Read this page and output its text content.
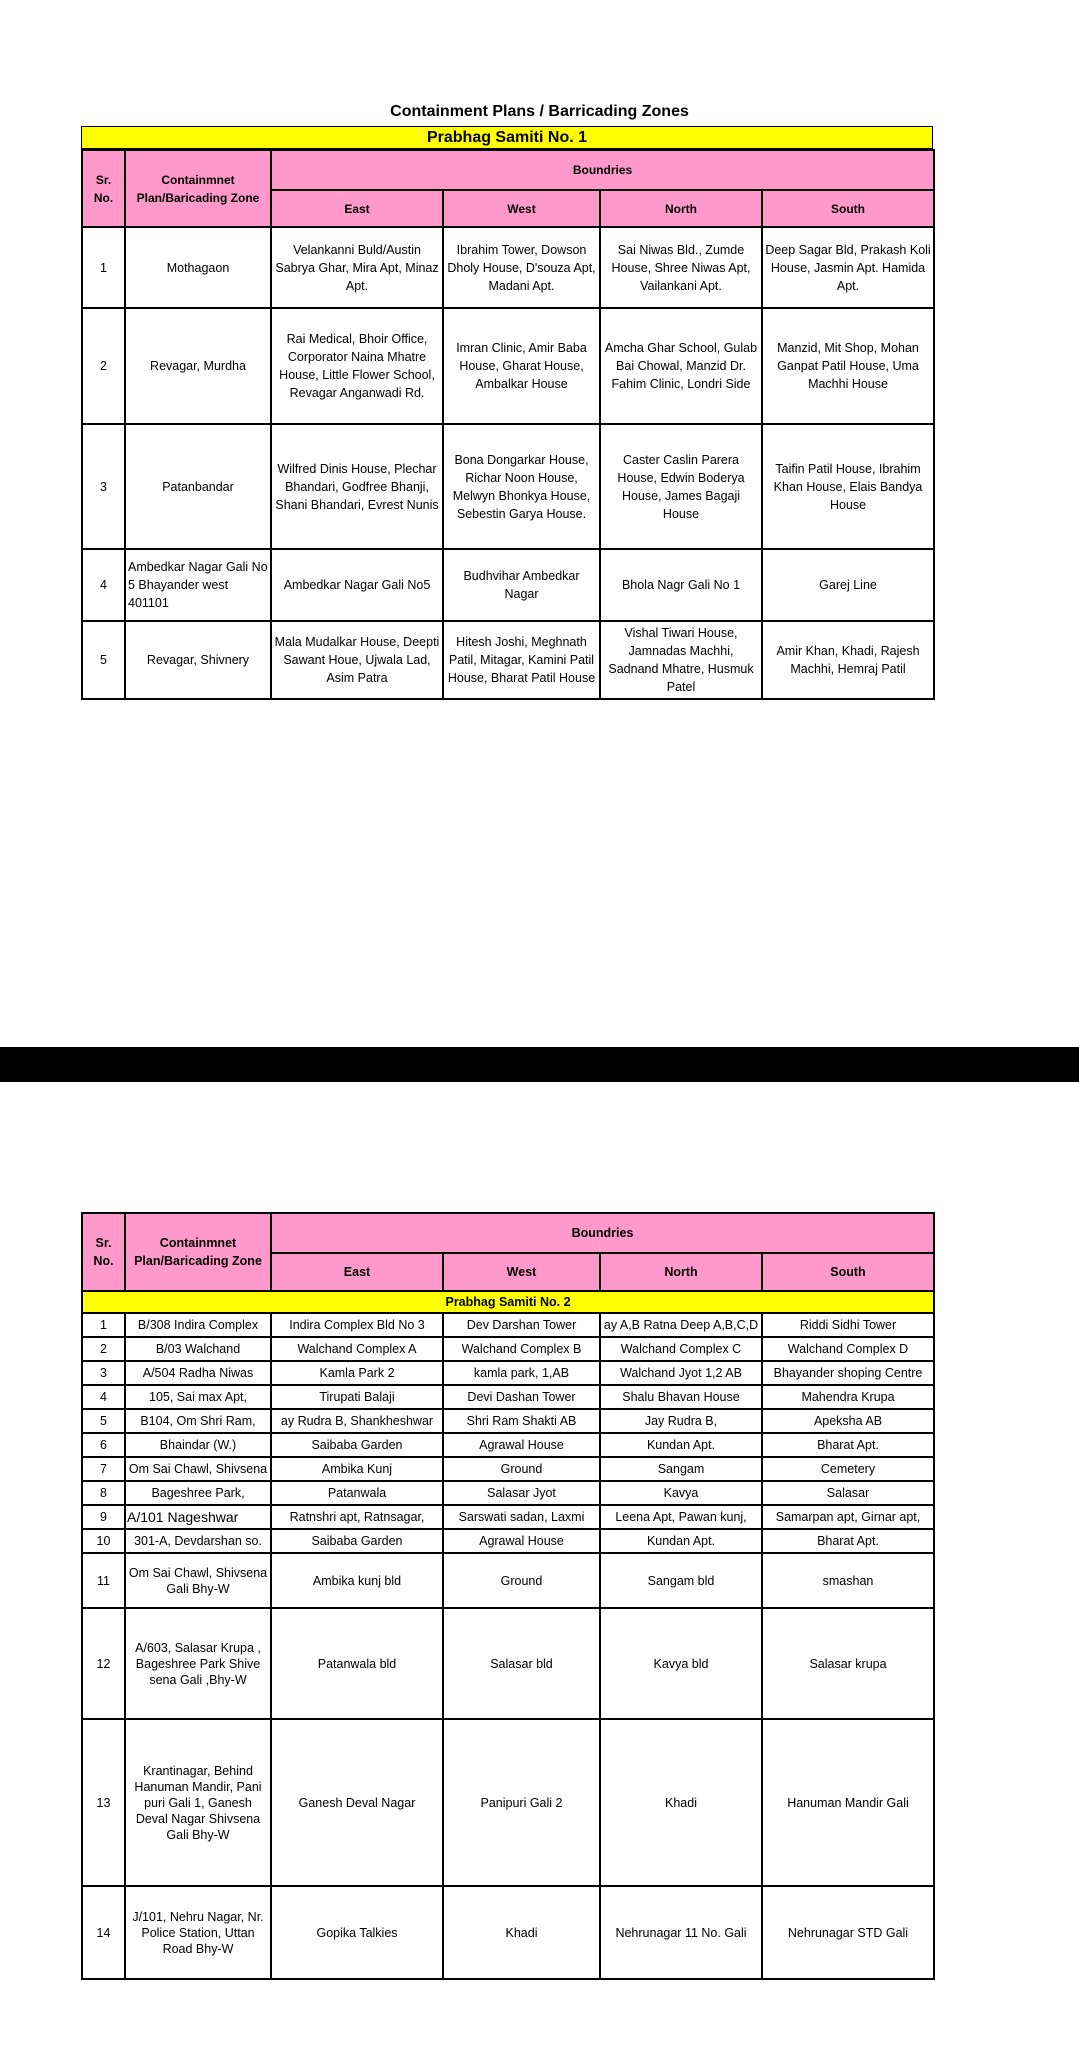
Containment Plans / Barricading Zones
Prabhag Samiti No. 1
Sr. No.	Containmnet Plan/Baricading Zone	Boundries			
		East	West	North	South
1	Mothagaon	Velankanni Buld/Austin Sabrya Ghar, Mira Apt, Minaz Apt.	Ibrahim Tower, Dowson Dholy House, D'souza Apt, Madani Apt.	Sai Niwas Bld., Zumde House, Shree Niwas Apt, Vailankani Apt.	Deep Sagar Bld, Prakash Koli House, Jasmin Apt. Hamida Apt.
2	Revagar, Murdha	Rai Medical, Bhoir Office, Corporator Naina Mhatre House, Little Flower School, Revagar Anganwadi Rd.	Imran Clinic, Amir Baba House, Gharat House, Ambalkar House	Amcha Ghar School, Gulab Bai Chowal, Manzid Dr. Fahim Clinic, Londri Side	Manzid, Mit Shop, Mohan Ganpat Patil House, Uma Machhi House
3	Patanbandar	Wilfred Dinis House, Plechar Bhandari, Godfree Bhanji, Shani Bhandari, Evrest Nunis	Bona Dongarkar House, Richar Noon House, Melwyn Bhonkya House, Sebestin Garya House.	Caster Caslin Parera House, Edwin Boderya House, James Bagaji House	Taifin Patil House, Ibrahim Khan House, Elais Bandya House
4	Ambedkar Nagar Gali No 5 Bhayander west 401101	Ambedkar Nagar Gali No5	Budhvihar Ambedkar Nagar	Bhola Nagr Gali No 1	Garej Line
5	Revagar, Shivnery	Mala Mudalkar House, Deepti Sawant Houe, Ujwala Lad, Asim Patra	Hitesh Joshi, Meghnath Patil, Mitagar, Kamini Patil House, Bharat Patil House	Vishal Tiwari House, Jamnadas Machhi, Sadnand Mhatre, Husmuk Patel	Amir Khan, Khadi, Rajesh Machhi, Hemraj Patil
Sr. No.	Containmnet Plan/Baricading Zone	Boundries			
		East	West	North	South
Prabhag Samiti No. 2					
1	B/308 Indira Complex	Indira Complex Bld No 3	Dev Darshan Tower	ay A,B Ratna Deep A,B,C,D	Riddi Sidhi Tower
2	B/03 Walchand	Walchand Complex A	Walchand Complex B	Walchand Complex C	Walchand Complex D
3	A/504 Radha Niwas	Kamla Park 2	kamla park, 1,AB	Walchand Jyot 1,2 AB	Bhayander shoping Centre
4	105, Sai max Apt,	Tirupati Balaji	Devi Dashan Tower	Shalu Bhavan House	Mahendra Krupa
5	B104, Om Shri Ram,	ay Rudra B, Shankheshwar	Shri Ram Shakti AB	Jay Rudra B,	Apeksha AB
6	Bhaindar (W.)	Saibaba Garden	Agrawal House	Kundan Apt.	Bharat Apt.
7	Om Sai Chawl, Shivsena	Ambika Kunj	Ground	Sangam	Cemetery
8	Bageshree Park,	Patanwala	Salasar Jyot	Kavya	Salasar
9	A/101 Nageshwar	Ratnshri apt, Ratnsagar,	Sarswati sadan, Laxmi	Leena Apt, Pawan kunj,	Samarpan apt, Girnar apt,
10	301-A, Devdarshan so.	Saibaba Garden	Agrawal House	Kundan Apt.	Bharat Apt.
11	Om Sai Chawl, Shivsena Gali Bhy-W	Ambika kunj bld	Ground	Sangam bld	smashan
12	A/603, Salasar Krupa , Bageshree Park Shive sena Gali ,Bhy-W	Patanwala bld	Salasar bld	Kavya bld	Salasar krupa
13	Krantinagar, Behind Hanuman Mandir, Pani puri Gali 1, Ganesh Deval Nagar Shivsena Gali Bhy-W	Ganesh Deval Nagar	Panipuri Gali 2	Khadi	Hanuman Mandir Gali
14	J/101, Nehru Nagar, Nr. Police Station, Uttan Road Bhy-W	Gopika Talkies	Khadi	Nehrunagar 11 No. Gali	Nehrunagar STD Gali
